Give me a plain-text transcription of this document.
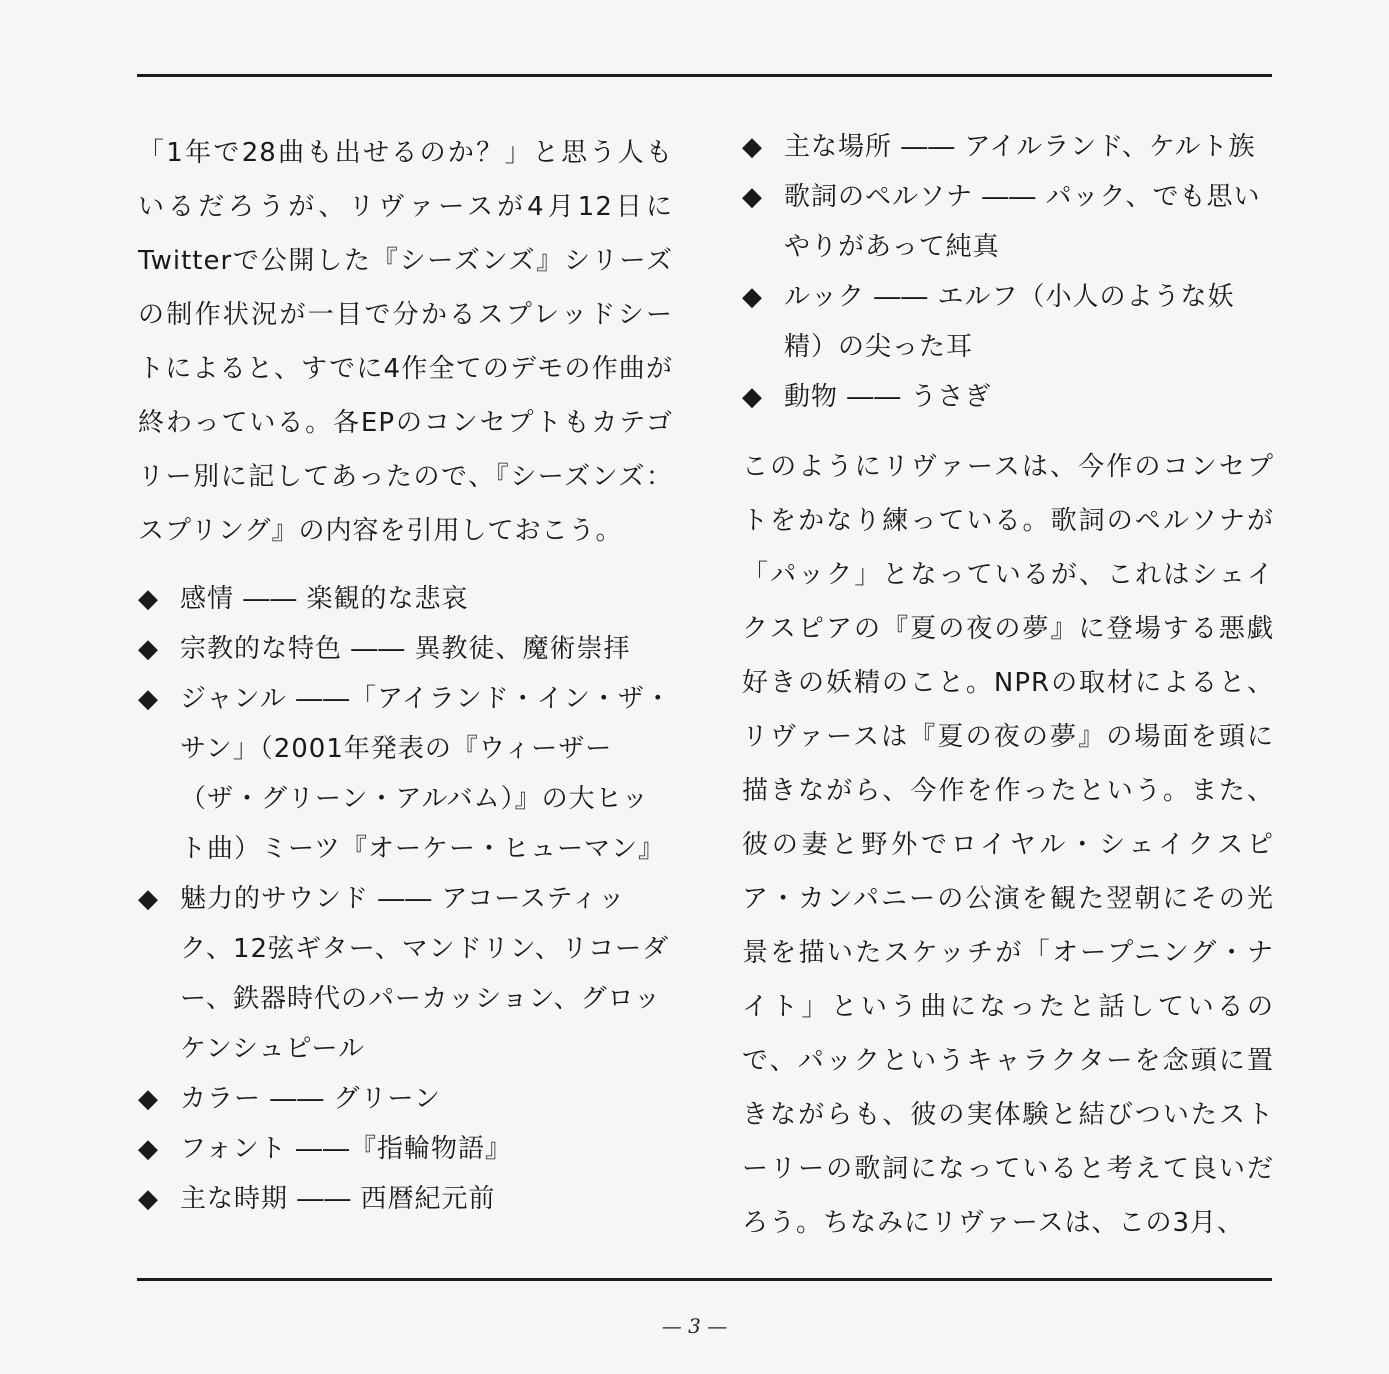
「1年で28曲も出せるのか？」と思う人もいるだろうが、リヴァースが4月12日にTwitterで公開した『シーズンズ』シリーズの制作状況が一目で分かるスプレッドシートによると、すでに4作全てのデモの作曲が終わっている。各EPのコンセプトもカテゴリー別に記してあったので、『シーズンズ：スプリング』の内容を引用しておこう。

◆ 感情 ―― 楽観的な悲哀
◆ 宗教的な特色 ―― 異教徒、魔術崇拝
◆ ジャンル ――「アイランド・イン・ザ・サン」（2001年発表の『ウィーザー（ザ・グリーン・アルバム）』の大ヒット曲）ミーツ『オーケー・ヒューマン』
◆ 魅力的サウンド ―― アコースティック、12弦ギター、マンドリン、リコーダー、鉄器時代のパーカッション、グロッケンシュピール
◆ カラー ―― グリーン
◆ フォント ――『指輪物語』
◆ 主な時期 ―― 西暦紀元前
◆ 主な場所 ―― アイルランド、ケルト族
◆ 歌詞のペルソナ ―― パック、でも思いやりがあって純真
◆ ルック ―― エルフ（小人のような妖精）の尖った耳
◆ 動物 ―― うさぎ

このようにリヴァースは、今作のコンセプトをかなり練っている。歌詞のペルソナが「パック」となっているが、これはシェイクスピアの『夏の夜の夢』に登場する悪戯好きの妖精のこと。NPRの取材によると、リヴァースは『夏の夜の夢』の場面を頭に描きながら、今作を作ったという。また、彼の妻と野外でロイヤル・シェイクスピア・カンパニーの公演を観た翌朝にその光景を描いたスケッチが「オープニング・ナイト」という曲になったと話しているので、パックというキャラクターを念頭に置きながらも、彼の実体験と結びついたストーリーの歌詞になっていると考えて良いだろう。ちなみにリヴァースは、この3月、

— 3 —
